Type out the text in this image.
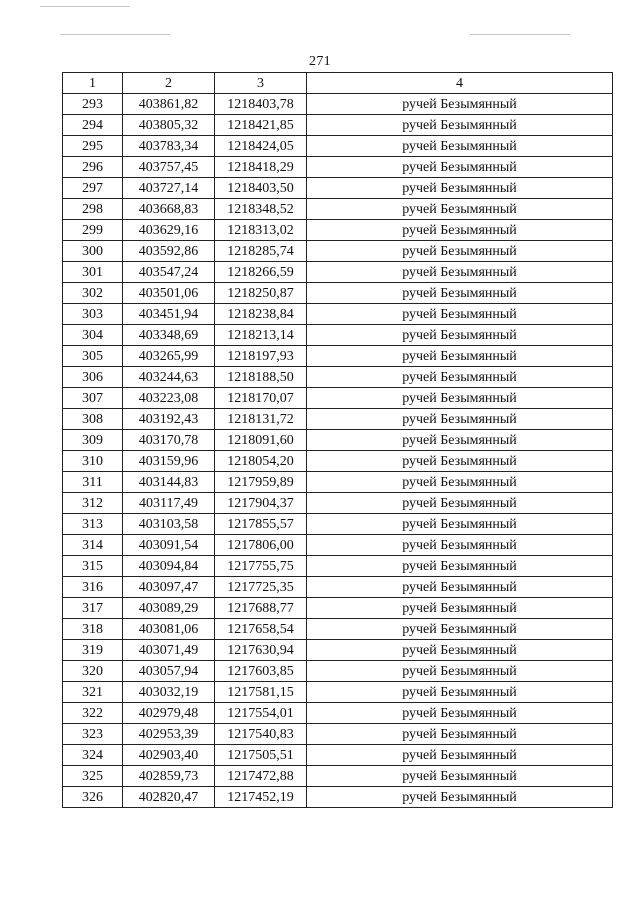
271
1	2	3	4
293	403861,82	1218403,78	ручей Безымянный
294	403805,32	1218421,85	ручей Безымянный
295	403783,34	1218424,05	ручей Безымянный
296	403757,45	1218418,29	ручей Безымянный
297	403727,14	1218403,50	ручей Безымянный
298	403668,83	1218348,52	ручей Безымянный
299	403629,16	1218313,02	ручей Безымянный
300	403592,86	1218285,74	ручей Безымянный
301	403547,24	1218266,59	ручей Безымянный
302	403501,06	1218250,87	ручей Безымянный
303	403451,94	1218238,84	ручей Безымянный
304	403348,69	1218213,14	ручей Безымянный
305	403265,99	1218197,93	ручей Безымянный
306	403244,63	1218188,50	ручей Безымянный
307	403223,08	1218170,07	ручей Безымянный
308	403192,43	1218131,72	ручей Безымянный
309	403170,78	1218091,60	ручей Безымянный
310	403159,96	1218054,20	ручей Безымянный
311	403144,83	1217959,89	ручей Безымянный
312	403117,49	1217904,37	ручей Безымянный
313	403103,58	1217855,57	ручей Безымянный
314	403091,54	1217806,00	ручей Безымянный
315	403094,84	1217755,75	ручей Безымянный
316	403097,47	1217725,35	ручей Безымянный
317	403089,29	1217688,77	ручей Безымянный
318	403081,06	1217658,54	ручей Безымянный
319	403071,49	1217630,94	ручей Безымянный
320	403057,94	1217603,85	ручей Безымянный
321	403032,19	1217581,15	ручей Безымянный
322	402979,48	1217554,01	ручей Безымянный
323	402953,39	1217540,83	ручей Безымянный
324	402903,40	1217505,51	ручей Безымянный
325	402859,73	1217472,88	ручей Безымянный
326	402820,47	1217452,19	ручей Безымянный
